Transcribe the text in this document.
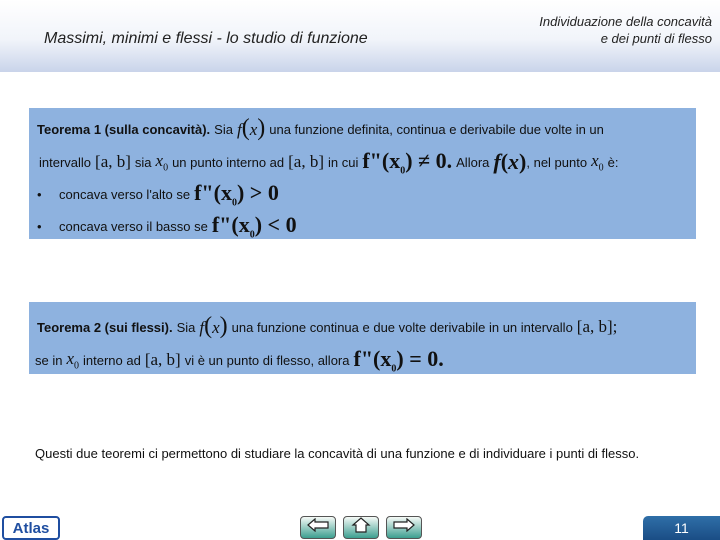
Massimi, minimi e flessi - lo studio di funzione
Individuazione della concavità
e dei punti di flesso
Teorema 1 (sulla concavità). Sia f(x) una funzione definita, continua e derivabile due volte in un
intervallo [a, b] sia $x_0$ un punto interno ad [a, b] in cui $f"(x_0) \ne 0$. Allora f(x) , nel punto $x_0$ è:
•	concava verso l'alto se $f"(x_0) > 0$
•	concava verso il basso se $f"(x_0) < 0$
Teorema 2 (sui flessi). Sia f(x) una funzione continua e due volte derivabile in un intervallo [a, b];
se in $x_0$ interno ad [a, b] vi è un punto di flesso, allora $f"(x_0) = 0$.
Questi due teoremi ci permettono di studiare la concavità di una funzione e di individuare i punti di flesso.
Atlas	11
